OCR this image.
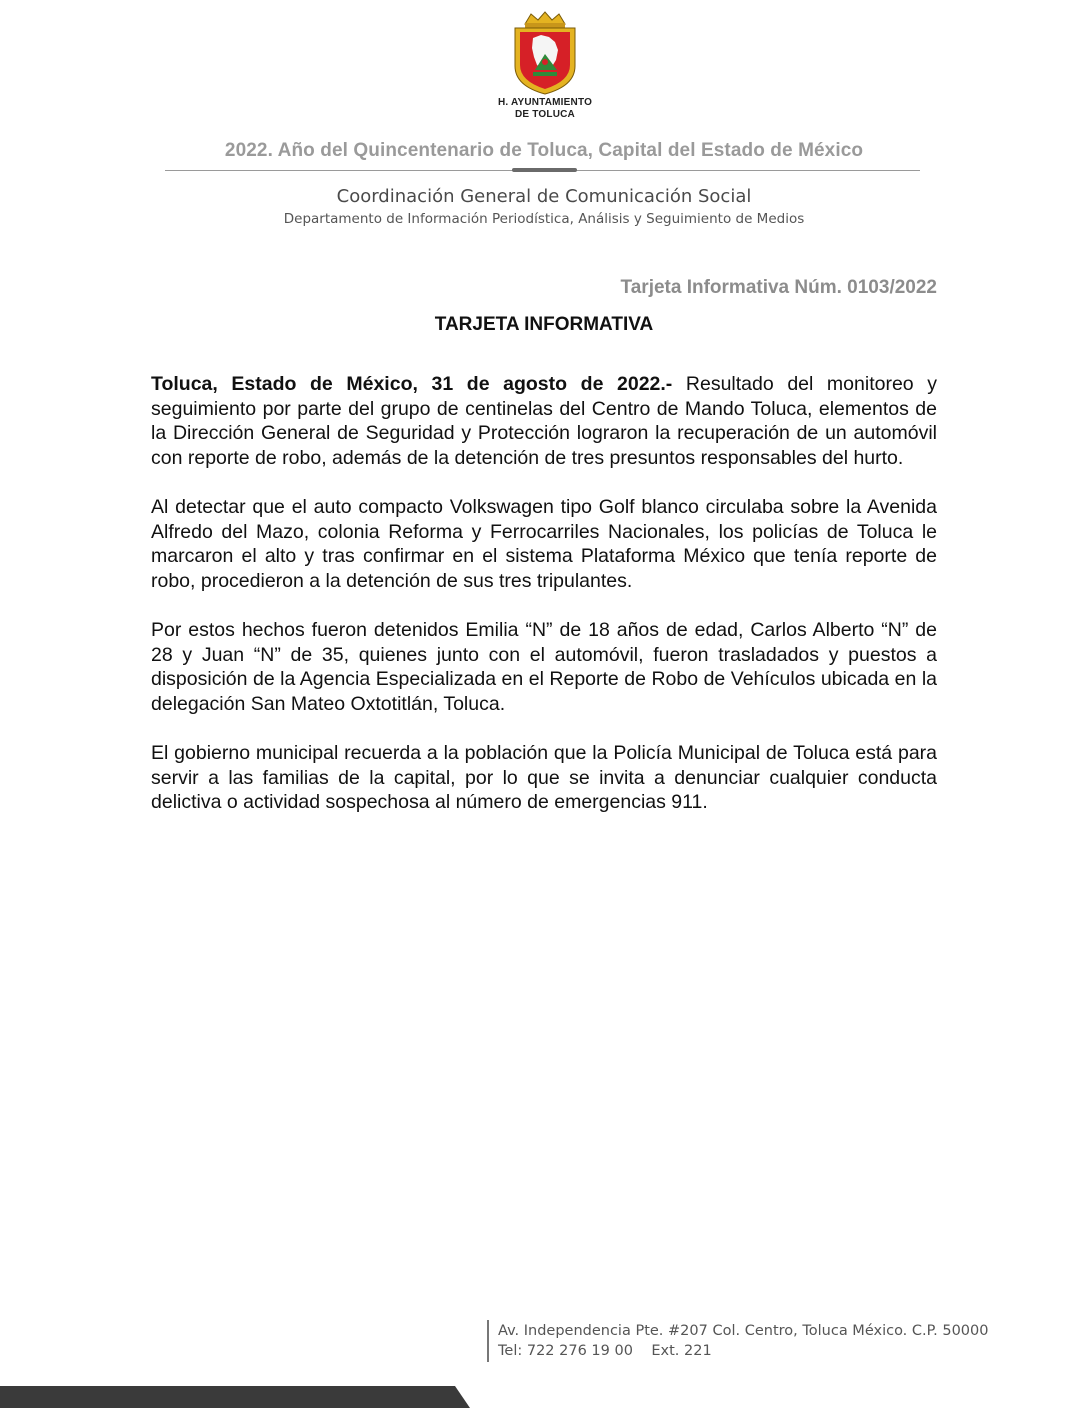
H. AYUNTAMIENTO
DE TOLUCA
2022. Año del Quincentenario de Toluca, Capital del Estado de México
Coordinación General de Comunicación Social
Departamento de Información Periodística, Análisis y Seguimiento de Medios
Tarjeta Informativa Núm. 0103/2022
TARJETA INFORMATIVA

Toluca, Estado de México, 31 de agosto de 2022.- Resultado del monitoreo y seguimiento por parte del grupo de centinelas del Centro de Mando Toluca, elementos de la Dirección General de Seguridad y Protección lograron la recuperación de un automóvil con reporte de robo, además de la detención de tres presuntos responsables del hurto.

Al detectar que el auto compacto Volkswagen tipo Golf blanco circulaba sobre la Avenida Alfredo del Mazo, colonia Reforma y Ferrocarriles Nacionales, los policías de Toluca le marcaron el alto y tras confirmar en el sistema Plataforma México que tenía reporte de robo, procedieron a la detención de sus tres tripulantes.

Por estos hechos fueron detenidos Emilia “N” de 18 años de edad, Carlos Alberto “N” de 28 y Juan “N” de 35, quienes junto con el automóvil, fueron trasladados y puestos a disposición de la Agencia Especializada en el Reporte de Robo de Vehículos ubicada en la delegación San Mateo Oxtotitlán, Toluca.

El gobierno municipal recuerda a la población que la Policía Municipal de Toluca está para servir a las familias de la capital, por lo que se invita a denunciar cualquier conducta delictiva o actividad sospechosa al número de emergencias 911.

Av. Independencia Pte. #207 Col. Centro, Toluca México. C.P. 50000
Tel: 722 276 19 00    Ext. 221
